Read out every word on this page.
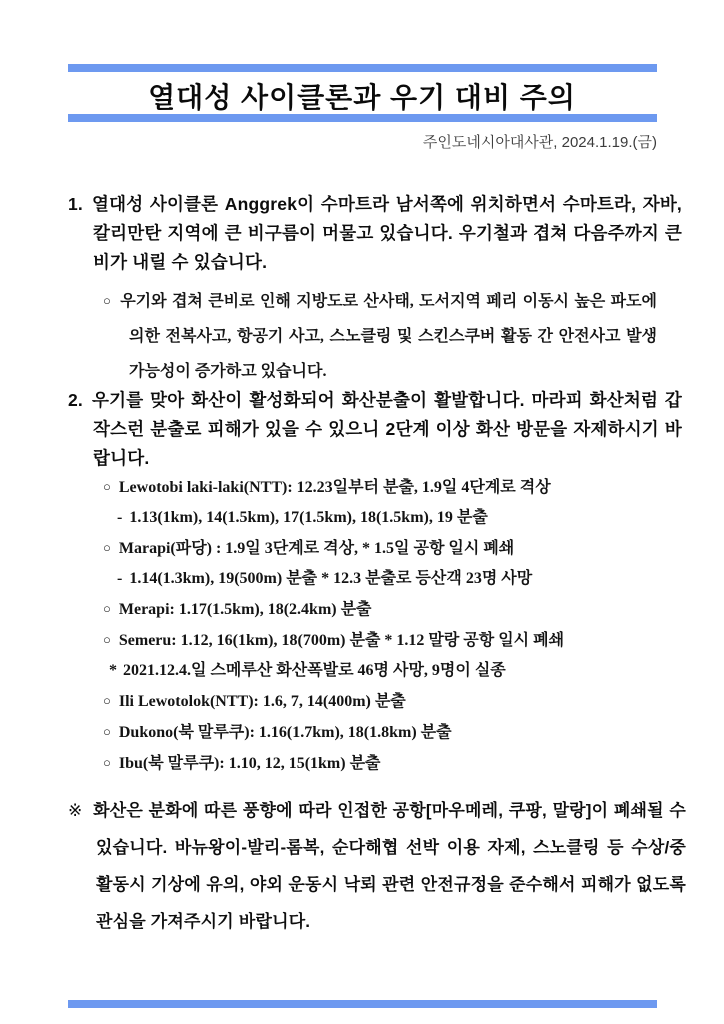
열대성 사이클론과 우기 대비 주의
주인도네시아대사관, 2024.1.19.(금)
1. 열대성 사이클론 Anggrek이 수마트라 남서쪽에 위치하면서 수마트라, 자바, 칼리만탄 지역에 큰 비구름이 머물고 있습니다. 우기철과 겹쳐 다음주까지 큰비가 내릴 수 있습니다.
○ 우기와 겹쳐 큰비로 인해 지방도로 산사태, 도서지역 페리 이동시 높은 파도에 의한 전복사고, 항공기 사고, 스노클링 및 스킨스쿠버 활동 간 안전사고 발생 가능성이 증가하고 있습니다.
2. 우기를 맞아 화산이 활성화되어 화산분출이 활발합니다. 마라피 화산처럼 갑작스런 분출로 피해가 있을 수 있으니 2단계 이상 화산 방문을 자제하시기 바랍니다.
○ Lewotobi laki-laki(NTT): 12.23일부터 분출, 1.9일 4단계로 격상
- 1.13(1km), 14(1.5km), 17(1.5km), 18(1.5km), 19 분출
○ Marapi(파당) : 1.9일 3단계로 격상, * 1.5일 공항 일시 폐쇄
- 1.14(1.3km), 19(500m) 분출 * 12.3 분출로 등산객 23명 사망
○ Merapi: 1.17(1.5km), 18(2.4km) 분출
○ Semeru: 1.12, 16(1km), 18(700m) 분출 * 1.12 말랑 공항 일시 폐쇄
* 2021.12.4.일 스메루산 화산폭발로 46명 사망, 9명이 실종
○ Ili Lewotolok(NTT): 1.6, 7, 14(400m) 분출
○ Dukono(북 말루쿠): 1.16(1.7km), 18(1.8km) 분출
○ Ibu(북 말루쿠): 1.10, 12, 15(1km) 분출
※ 화산은 분화에 따른 풍향에 따라 인접한 공항[마우메레, 쿠팡, 말랑]이 폐쇄될 수 있습니다. 바뉴왕이-발리-롬복, 순다해협 선박 이용 자제, 스노클링 등 수상/중 활동시 기상에 유의, 야외 운동시 낙뢰 관련 안전규정을 준수해서 피해가 없도록 관심을 가져주시기 바랍니다.
